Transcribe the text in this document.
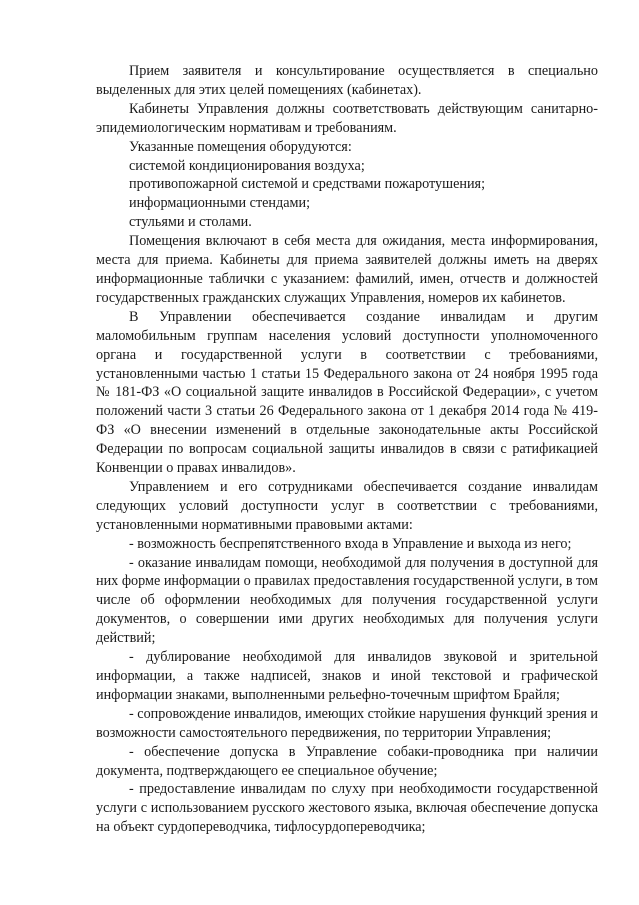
Прием заявителя и консультирование осуществляется в специально выделенных для этих целей помещениях (кабинетах).

Кабинеты Управления должны соответствовать действующим санитарно-эпидемиологическим нормативам и требованиям.

Указанные помещения оборудуются:

системой кондиционирования воздуха;

противопожарной системой и средствами пожаротушения;

информационными стендами;

стульями и столами.

Помещения включают в себя места для ожидания, места информирования, места для приема. Кабинеты для приема заявителей должны иметь на дверях информационные таблички с указанием: фамилий, имен, отчеств и должностей государственных гражданских служащих Управления, номеров их кабинетов.

В Управлении обеспечивается создание инвалидам и другим маломобильным группам населения условий доступности уполномоченного органа и государственной услуги в соответствии с требованиями, установленными частью 1 статьи 15 Федерального закона от 24 ноября 1995 года № 181-ФЗ «О социальной защите инвалидов в Российской Федерации», с учетом положений части 3 статьи 26 Федерального закона от 1 декабря 2014 года № 419-ФЗ «О внесении изменений в отдельные законодательные акты Российской Федерации по вопросам социальной защиты инвалидов в связи с ратификацией Конвенции о правах инвалидов».

Управлением и его сотрудниками обеспечивается создание инвалидам следующих условий доступности услуг в соответствии с требованиями, установленными нормативными правовыми актами:

- возможность беспрепятственного входа в Управление и выхода из него;

- оказание инвалидам помощи, необходимой для получения в доступной для них форме информации о правилах предоставления государственной услуги, в том числе об оформлении необходимых для получения государственной услуги документов, о совершении ими других необходимых для получения услуги действий;

- дублирование необходимой для инвалидов звуковой и зрительной информации, а также надписей, знаков и иной текстовой и графической информации знаками, выполненными рельефно-точечным шрифтом Брайля;

- сопровождение инвалидов, имеющих стойкие нарушения функций зрения и возможности самостоятельного передвижения, по территории Управления;

- обеспечение допуска в Управление собаки-проводника при наличии документа, подтверждающего ее специальное обучение;

- предоставление инвалидам по слуху при необходимости государственной услуги с использованием русского жестового языка, включая обеспечение допуска на объект сурдопереводчика, тифлосурдопереводчика;
